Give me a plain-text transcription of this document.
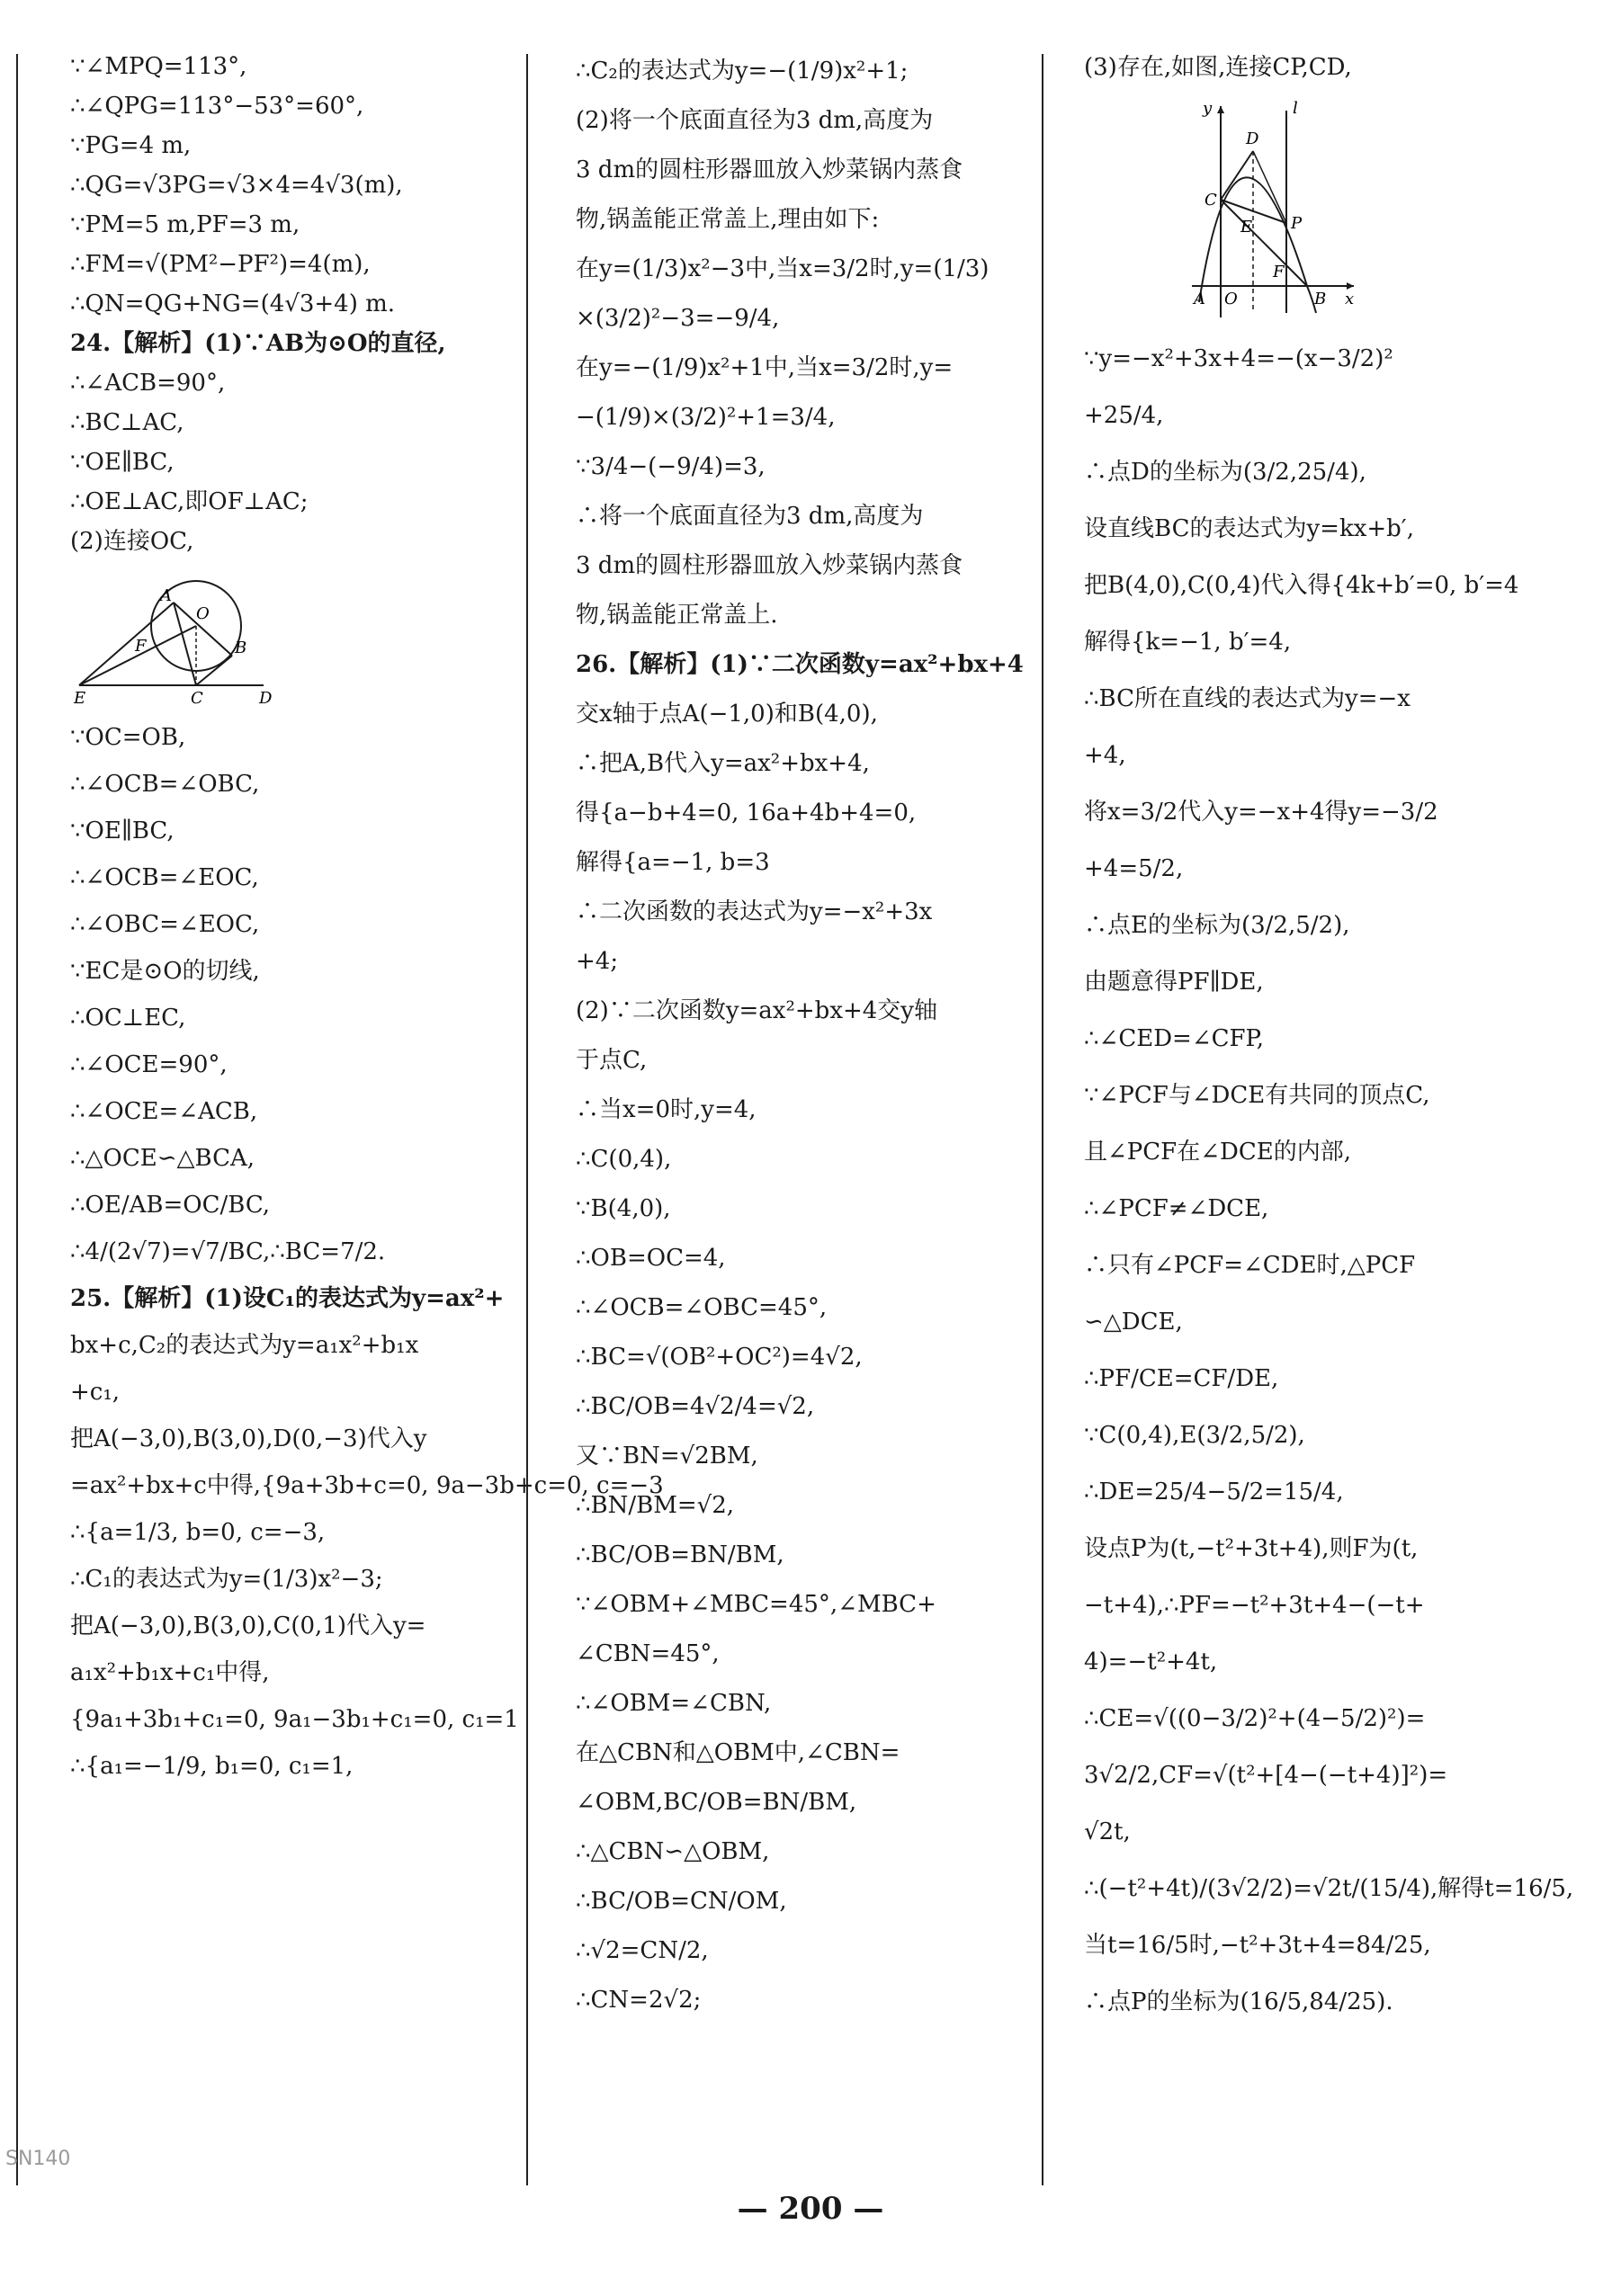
∵∠MPQ=113°,
∴∠QPG=113°−53°=60°,
∵PG=4 m,
∴QG=√3PG=√3×4=4√3(m),
∵PM=5 m,PF=3 m,
∴FM=√(PM²−PF²)=4(m),
∴QN=QG+NG=(4√3+4) m.
24.【解析】(1)∵AB为⊙O的直径,
∴∠ACB=90°,
∴BC⊥AC,
∵OE∥BC,
∴OE⊥AC,即OF⊥AC;
(2)连接OC,
A
O
F	B
E	C	D
∵OC=OB,
∴∠OCB=∠OBC,
∵OE∥BC,
∴∠OCB=∠EOC,
∴∠OBC=∠EOC,
∵EC是⊙O的切线,
∴OC⊥EC,
∴∠OCE=90°,
∴∠OCE=∠ACB,
∴△OCE∽△BCA,
∴OE/AB=OC/BC,
∴4/(2√7)=√7/BC,∴BC=7/2.
25.【解析】(1)设C₁的表达式为y=ax²+
bx+c,C₂的表达式为y=a₁x²+b₁x
+c₁,
把A(−3,0),B(3,0),D(0,−3)代入y
=ax²+bx+c中得,{9a+3b+c=0, 9a−3b+c=0, c=−3
∴{a=1/3, b=0, c=−3,
∴C₁的表达式为y=(1/3)x²−3;
把A(−3,0),B(3,0),C(0,1)代入y=
a₁x²+b₁x+c₁中得,
{9a₁+3b₁+c₁=0, 9a₁−3b₁+c₁=0, c₁=1
∴{a₁=−1/9, b₁=0, c₁=1,
∴C₂的表达式为y=−(1/9)x²+1;
(2)将一个底面直径为3 dm,高度为
3 dm的圆柱形器皿放入炒菜锅内蒸食
物,锅盖能正常盖上,理由如下:
在y=(1/3)x²−3中,当x=3/2时,y=(1/3)
×(3/2)²−3=−9/4,
在y=−(1/9)x²+1中,当x=3/2时,y=
−(1/9)×(3/2)²+1=3/4,
∵3/4−(−9/4)=3,
∴将一个底面直径为3 dm,高度为
3 dm的圆柱形器皿放入炒菜锅内蒸食
物,锅盖能正常盖上.
26.【解析】(1)∵二次函数y=ax²+bx+4
交x轴于点A(−1,0)和B(4,0),
∴把A,B代入y=ax²+bx+4,
得{a−b+4=0, 16a+4b+4=0,
解得{a=−1, b=3
∴二次函数的表达式为y=−x²+3x
+4;
(2)∵二次函数y=ax²+bx+4交y轴
于点C,
∴当x=0时,y=4,
∴C(0,4),
∵B(4,0),
∴OB=OC=4,
∴∠OCB=∠OBC=45°,
∴BC=√(OB²+OC²)=4√2,
∴BC/OB=4√2/4=√2,
又∵BN=√2BM,
∴BN/BM=√2,
∴BC/OB=BN/BM,
∵∠OBM+∠MBC=45°,∠MBC+
∠CBN=45°,
∴∠OBM=∠CBN,
在△CBN和△OBM中,∠CBN=
∠OBM,BC/OB=BN/BM,
∴△CBN∽△OBM,
∴BC/OB=CN/OM,
∴√2=CN/2,
∴CN=2√2;
(3)存在,如图,连接CP,CD,
y	l
D
C
P
E
F
A O	B x
∵y=−x²+3x+4=−(x−3/2)²
+25/4,
∴点D的坐标为(3/2,25/4),
设直线BC的表达式为y=kx+b′,
把B(4,0),C(0,4)代入得{4k+b′=0, b′=4
解得{k=−1, b′=4,
∴BC所在直线的表达式为y=−x
+4,
将x=3/2代入y=−x+4得y=−3/2
+4=5/2,
∴点E的坐标为(3/2,5/2),
由题意得PF∥DE,
∴∠CED=∠CFP,
∵∠PCF与∠DCE有共同的顶点C,
且∠PCF在∠DCE的内部,
∴∠PCF≠∠DCE,
∴只有∠PCF=∠CDE时,△PCF
∽△DCE,
∴PF/CE=CF/DE,
∵C(0,4),E(3/2,5/2),
∴DE=25/4−5/2=15/4,
设点P为(t,−t²+3t+4),则F为(t,
−t+4),∴PF=−t²+3t+4−(−t+
4)=−t²+4t,
∴CE=√((0−3/2)²+(4−5/2)²)=
3√2/2,CF=√(t²+[4−(−t+4)]²)=
√2t,
∴(−t²+4t)/(3√2/2)=√2t/(15/4),解得t=16/5,
当t=16/5时,−t²+3t+4=84/25,
∴点P的坐标为(16/5,84/25).
SN140
— 200 —
